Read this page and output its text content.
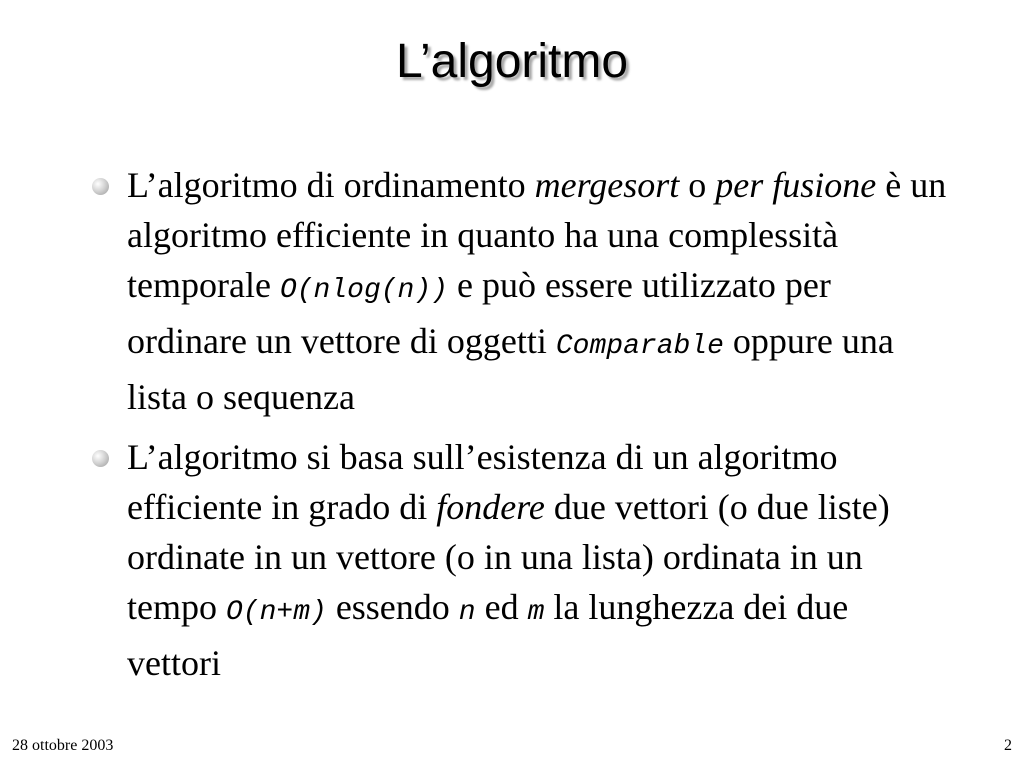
L’algoritmo
L’algoritmo di ordinamento mergesort o per fusione è un algoritmo efficiente in quanto ha una complessità temporale O(nlog(n)) e può essere utilizzato per ordinare un vettore di oggetti Comparable oppure una lista o sequenza
L’algoritmo si basa sull’esistenza di un algoritmo efficiente in grado di fondere due vettori (o due liste) ordinate in un vettore (o in una lista) ordinata in un tempo O(n+m) essendo n ed m la lunghezza dei due vettori
28 ottobre 2003	2
